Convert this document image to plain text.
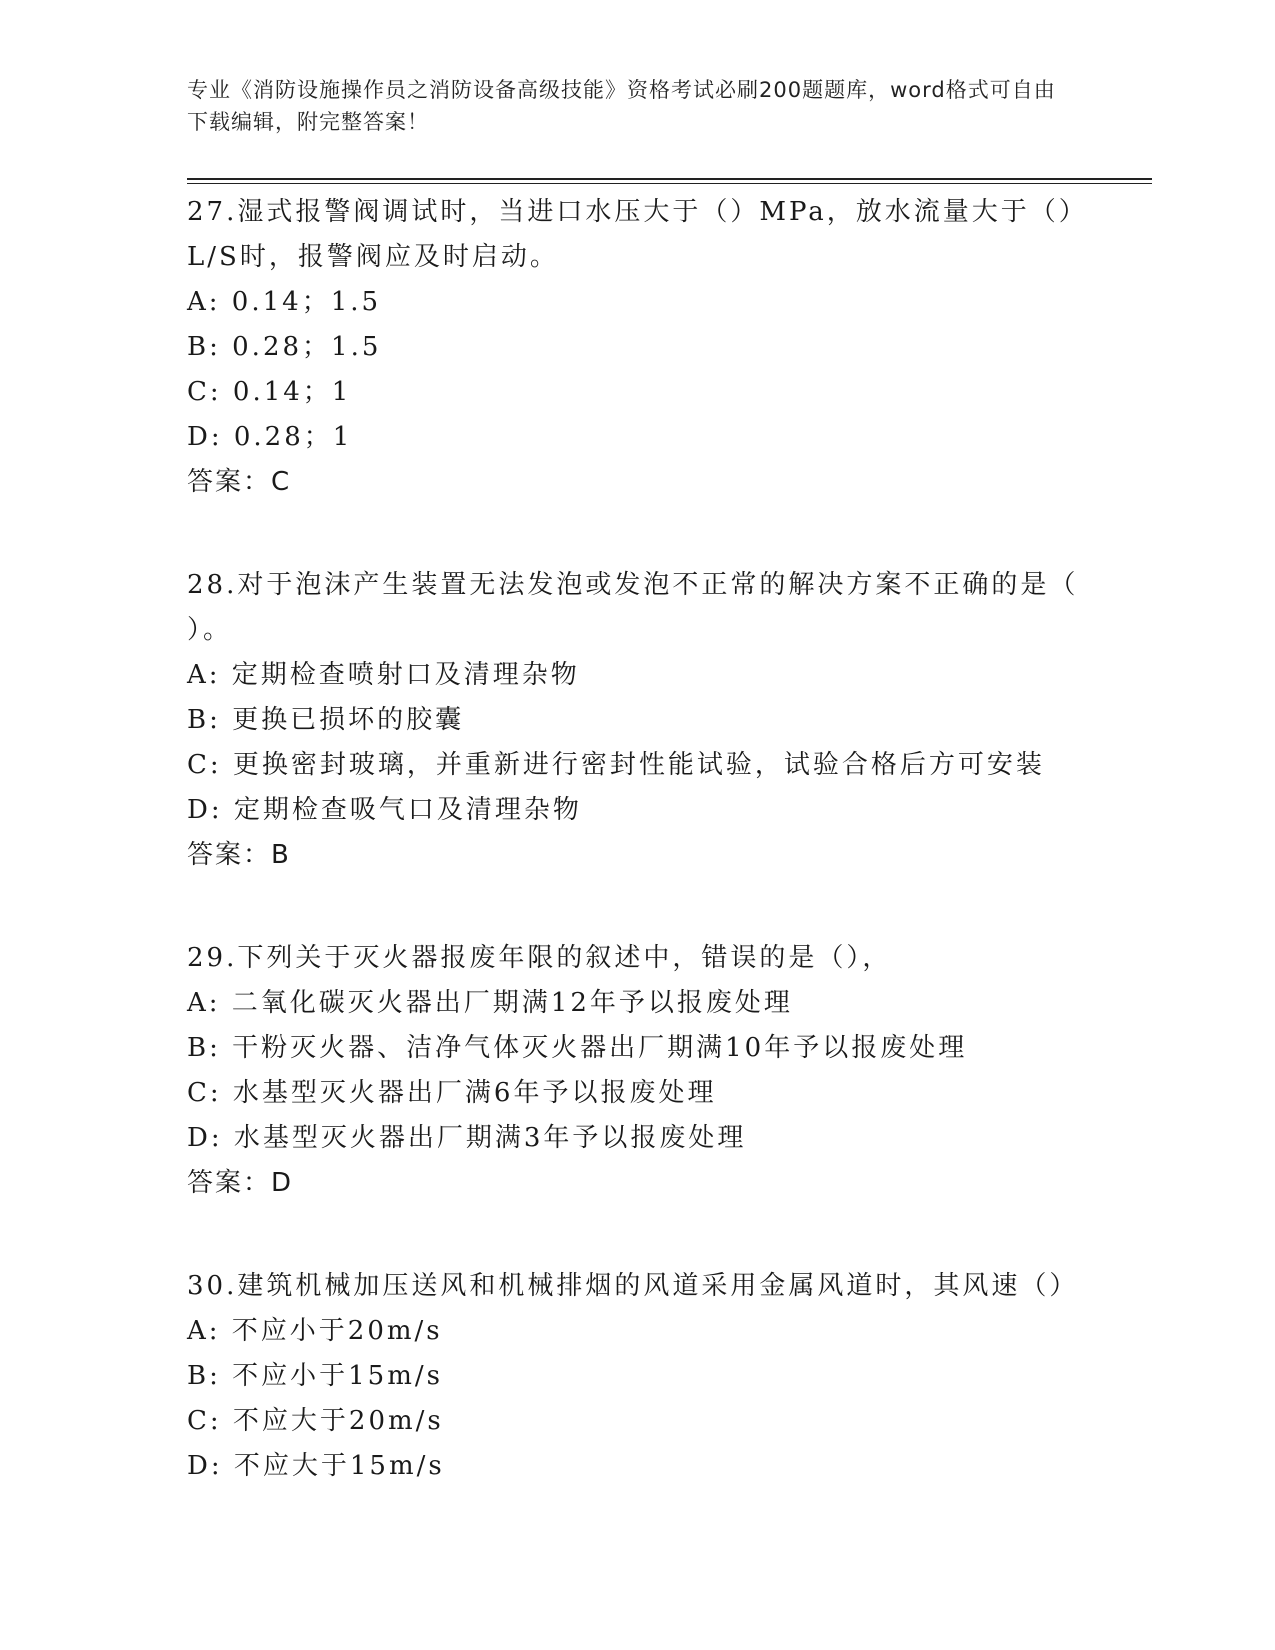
专业《消防设施操作员之消防设备高级技能》资格考试必刷200题题库，word格式可自由下载编辑，附完整答案！
27.湿式报警阀调试时，当进口水压大于（）MPa，放水流量大于（）
L/S时，报警阀应及时启动。
A: 0.14；1.5
B: 0.28；1.5
C: 0.14；1
D: 0.28；1
答案：C
28.对于泡沫产生装置无法发泡或发泡不正常的解决方案不正确的是（
）。
A: 定期检查喷射口及清理杂物
B: 更换已损坏的胶囊
C: 更换密封玻璃，并重新进行密封性能试验，试验合格后方可安装
D: 定期检查吸气口及清理杂物
答案：B
29.下列关于灭火器报废年限的叙述中，错误的是（），
A: 二氧化碳灭火器出厂期满12年予以报废处理
B: 干粉灭火器、洁净气体灭火器出厂期满10年予以报废处理
C: 水基型灭火器出厂满6年予以报废处理
D: 水基型灭火器出厂期满3年予以报废处理
答案：D
30.建筑机械加压送风和机械排烟的风道采用金属风道时，其风速（）
A: 不应小于20m/s
B: 不应小于15m/s
C: 不应大于20m/s
D: 不应大于15m/s
